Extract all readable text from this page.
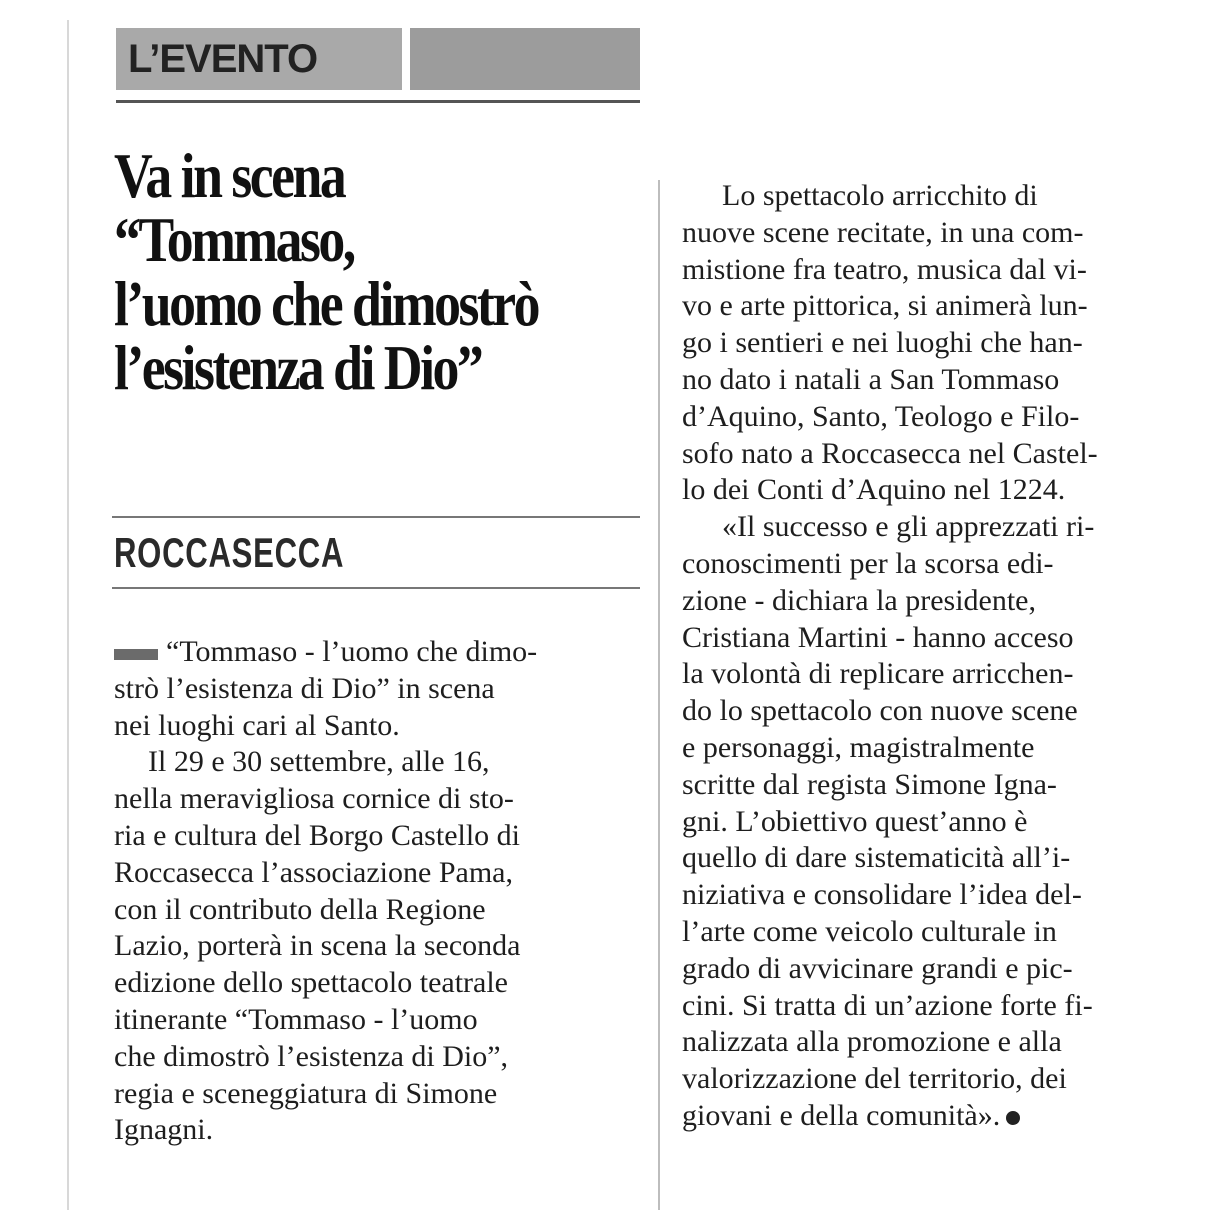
L’EVENTO
Va in scena
“Tommaso,
l’uomo che dimostrò
l’esistenza di Dio”
ROCCASECCA
“Tommaso - l’uomo che dimo-
strò l’esistenza di Dio” in scena
nei luoghi cari al Santo.
Il 29 e 30 settembre, alle 16,
nella meravigliosa cornice di sto-
ria e cultura del Borgo Castello di
Roccasecca l’associazione Pama,
con il contributo della Regione
Lazio, porterà in scena la seconda
edizione dello spettacolo teatrale
itinerante “Tommaso - l’uomo
che dimostrò l’esistenza di Dio”,
regia e sceneggiatura di Simone
Ignagni.
Lo spettacolo arricchito di
nuove scene recitate, in una com-
mistione fra teatro, musica dal vi-
vo e arte pittorica, si animerà lun-
go i sentieri e nei luoghi che han-
no dato i natali a San Tommaso
d’Aquino, Santo, Teologo e Filo-
sofo nato a Roccasecca nel Castel-
lo dei Conti d’Aquino nel 1224.
«Il successo e gli apprezzati ri-
conoscimenti per la scorsa edi-
zione - dichiara la presidente,
Cristiana Martini - hanno acceso
la volontà di replicare arricchen-
do lo spettacolo con nuove scene
e personaggi, magistralmente
scritte dal regista Simone Igna-
gni. L’obiettivo quest’anno è
quello di dare sistematicità all’i-
niziativa e consolidare l’idea del-
l’arte come veicolo culturale in
grado di avvicinare grandi e pic-
cini. Si tratta di un’azione forte fi-
nalizzata alla promozione e alla
valorizzazione del territorio, dei
giovani e della comunità».
